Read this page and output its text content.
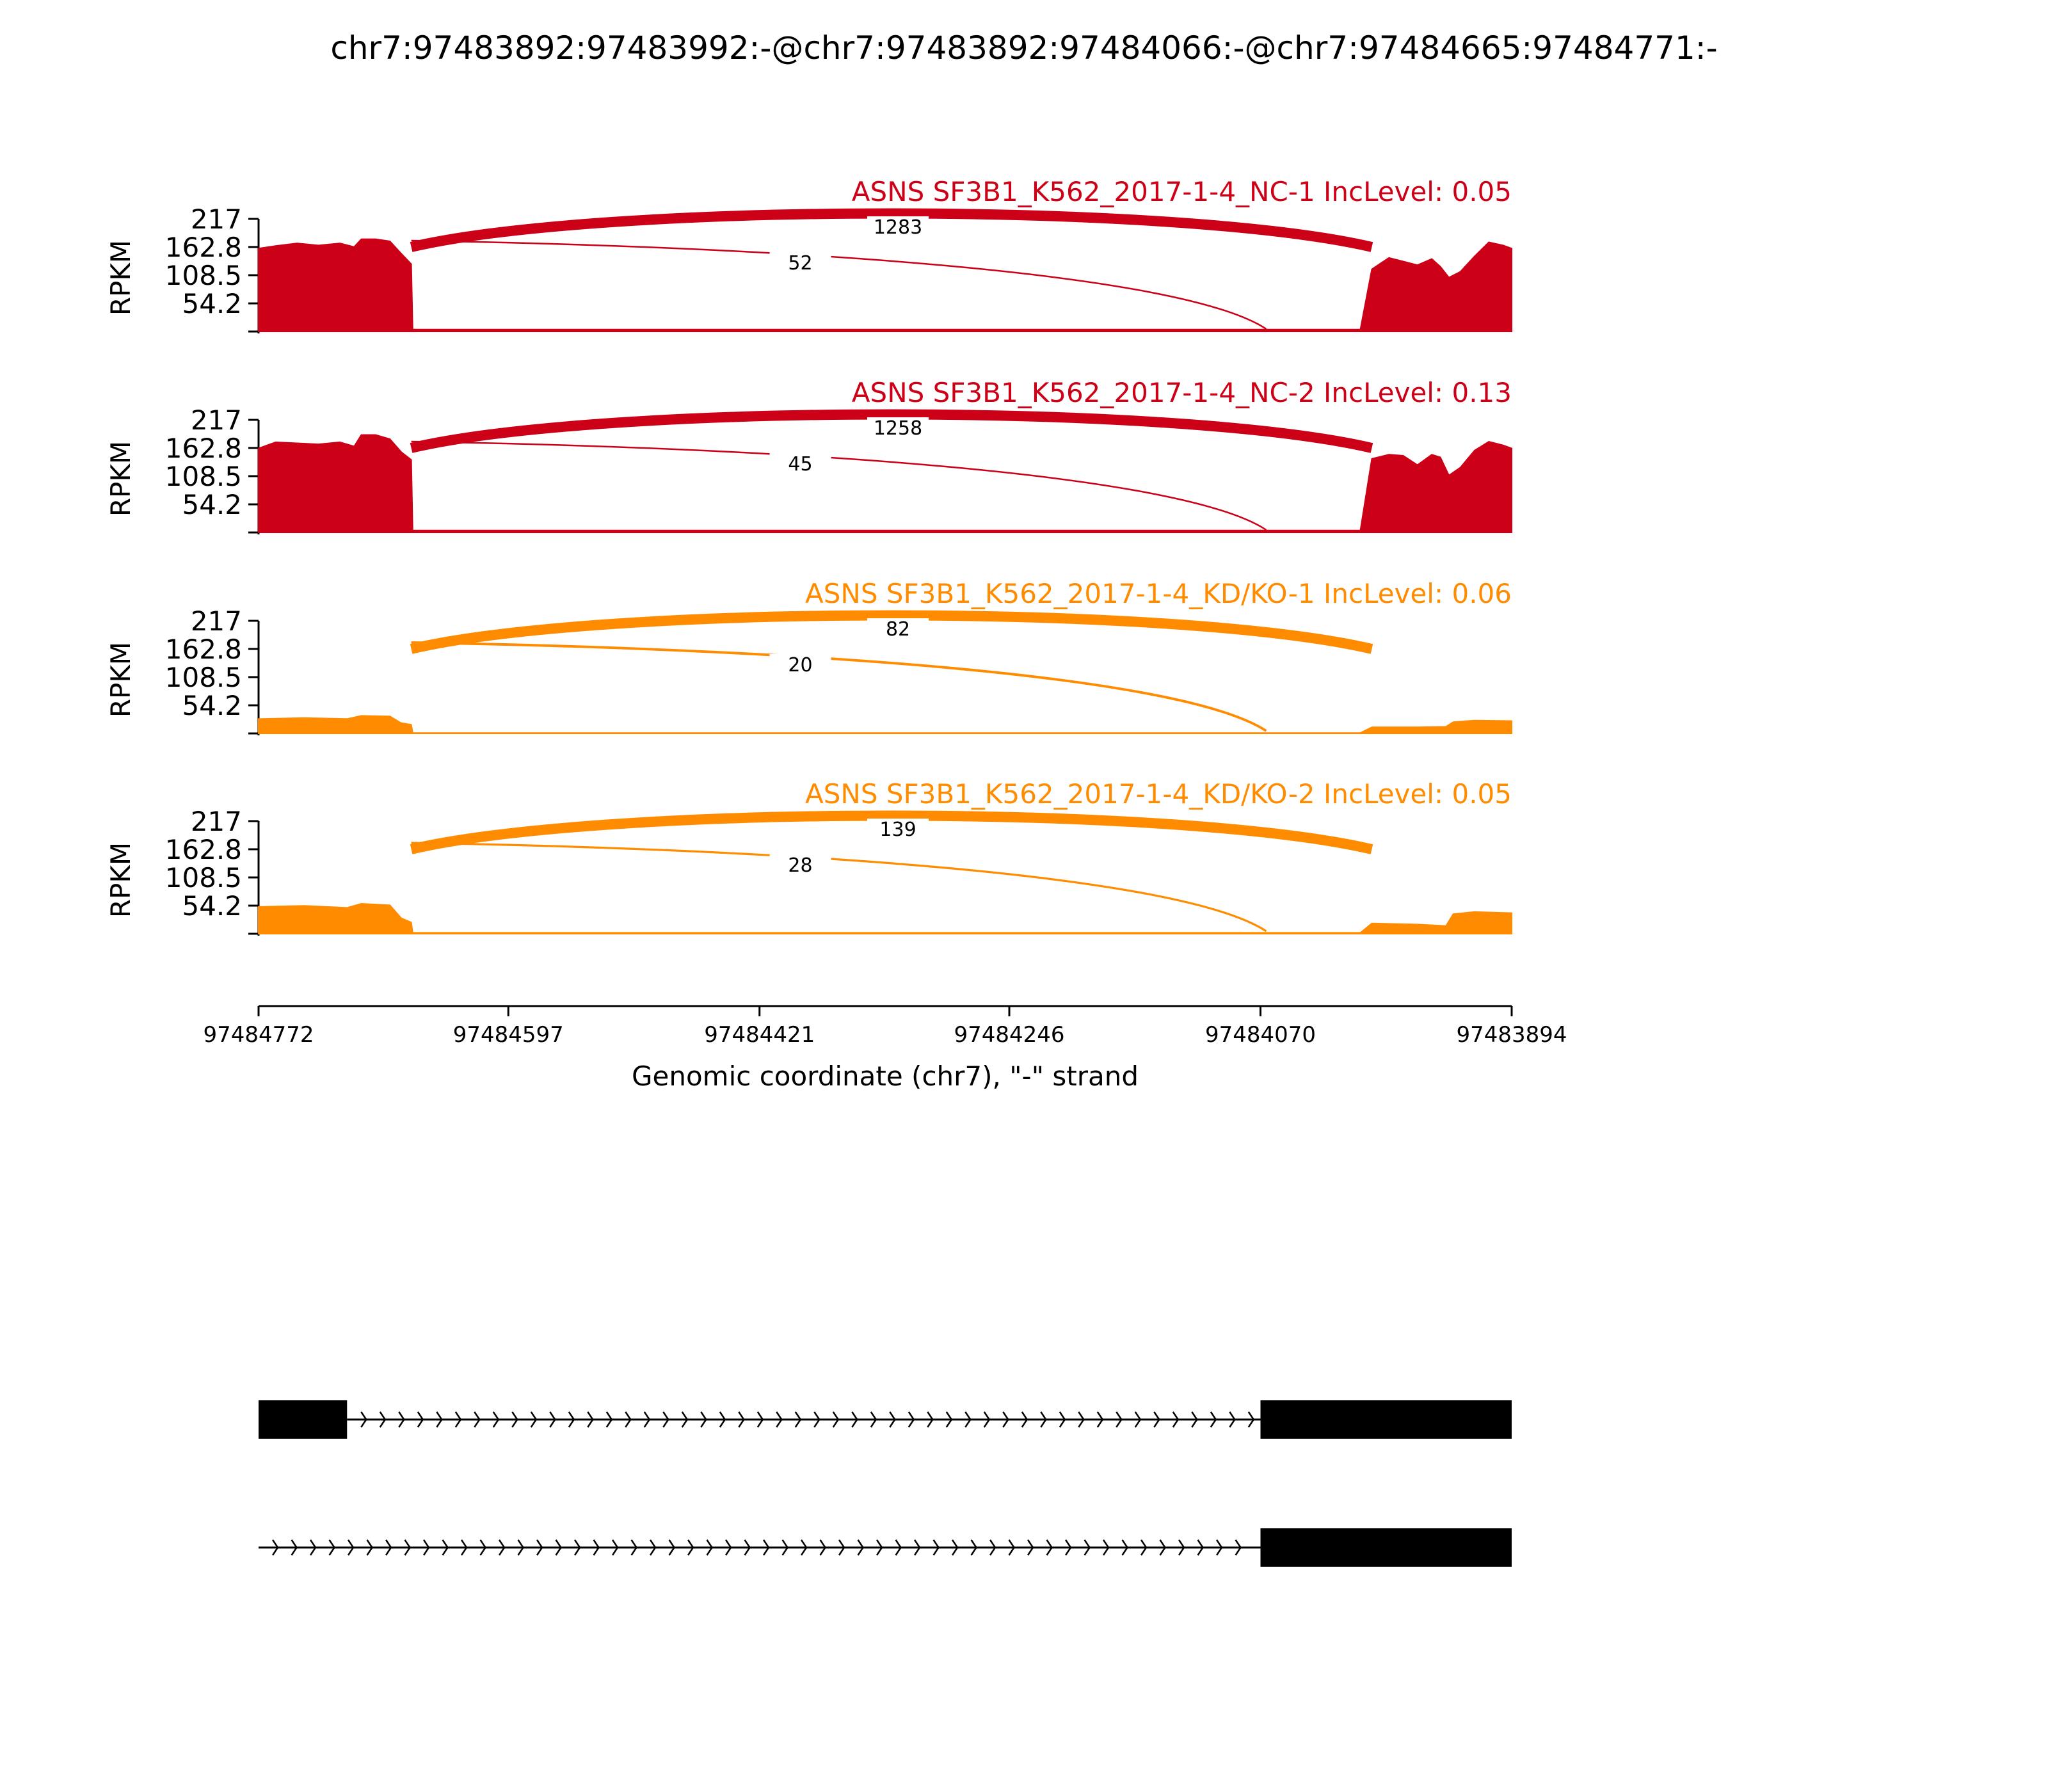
chr7:97483892:97483992:-@chr7:97483892:97484066:-@chr7:97484665:97484771:-
217
162.8
108.5
54.2
RPKM
1283
52
ASNS SF3B1_K562_2017-1-4_NC-1 IncLevel: 0.05
217
162.8
108.5
54.2
RPKM
1258
45
ASNS SF3B1_K562_2017-1-4_NC-2 IncLevel: 0.13
217
162.8
108.5
54.2
RPKM
82
20
ASNS SF3B1_K562_2017-1-4_KD/KO-1 IncLevel: 0.06
217
162.8
108.5
54.2
RPKM
139
28
ASNS SF3B1_K562_2017-1-4_KD/KO-2 IncLevel: 0.05
97484772	97484597	97484421	97484246	97484070	97483894
Genomic coordinate (chr7), "-" strand
